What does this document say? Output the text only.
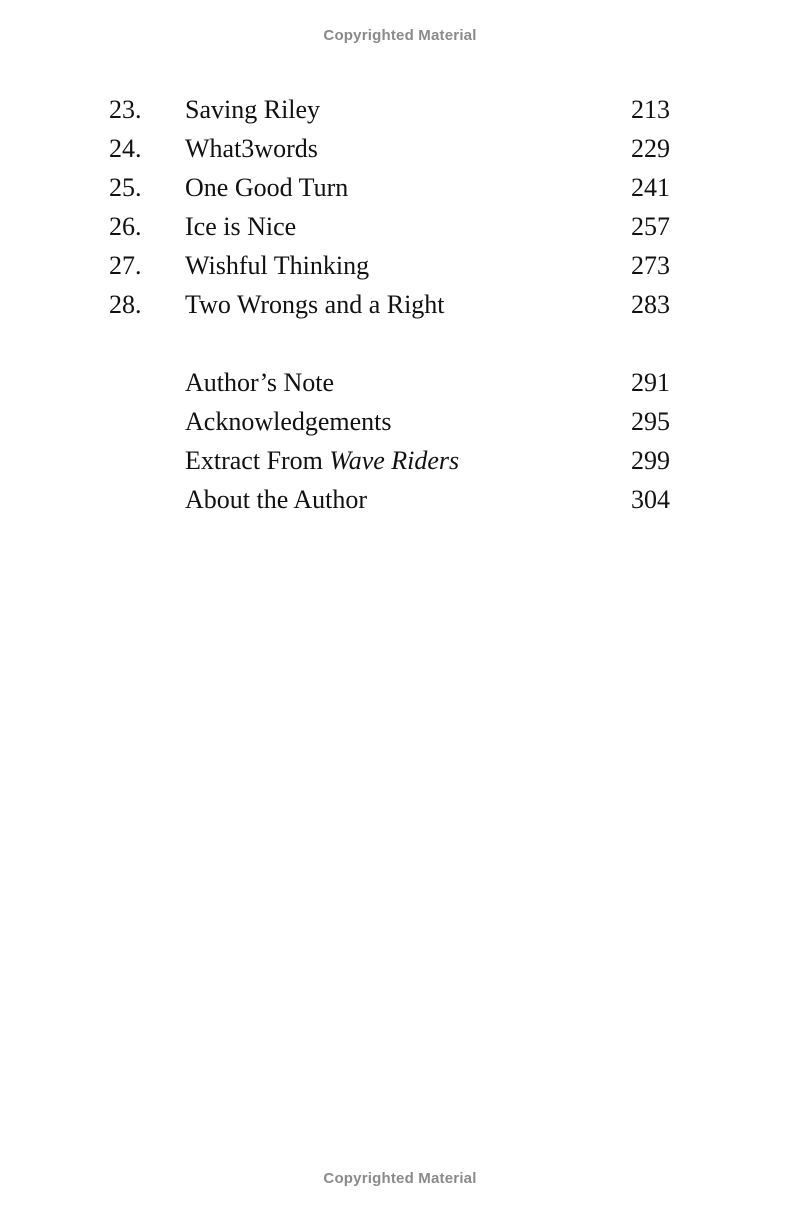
Copyrighted Material
23. Saving Riley	213
24. What3words	229
25. One Good Turn	241
26. Ice is Nice	257
27. Wishful Thinking	273
28. Two Wrongs and a Right	283
Author’s Note	291
Acknowledgements	295
Extract From Wave Riders	299
About the Author	304
Copyrighted Material
